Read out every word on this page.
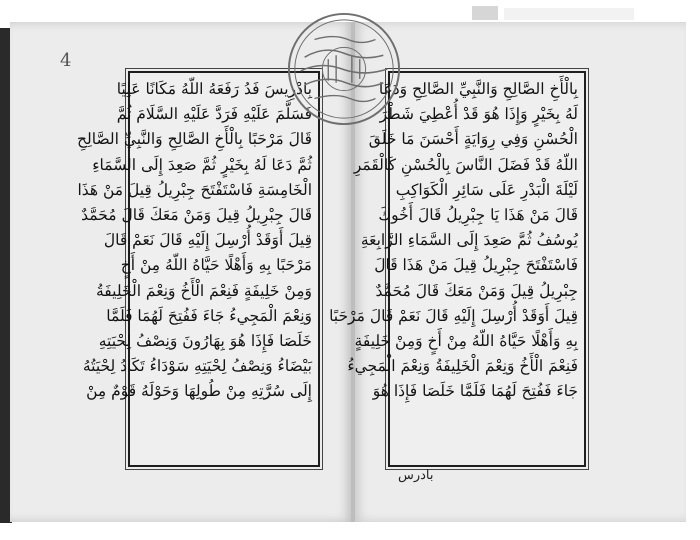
4
بِادْرِيسَ فَدُ رَفَعَهُ اللّهُ مَكَانًا عَلِيًا
فَسَلَّمَ عَلَيْهِ فَرَدَّ عَلَيْهِ السَّلَامَ ثُمَّ
قَالَ مَرْحَبًا بِالْأَخِ الصَّالِحِ وَالنَّبِيِّ الصَّالِحِ
ثُمَّ دَعَا لَهُ بِخَيْرٍ ثُمَّ صَعِدَ إِلَى السَّمَاءِ
الْخَامِسَةِ فَاسْتَفْتَحَ جِبْرِيلُ قِيلَ مَنْ هَذَا
قَالَ جِبْرِيلُ قِيلَ وَمَنْ مَعَكَ قَالَ مُحَمَّدٌ
قِيلَ أَوَقَدْ أُرْسِلَ إِلَيْهِ قَالَ نَعَمْ قَالَ
مَرْحَبًا بِهِ وَأَهْلًا حَيَّاهُ اللّهُ مِنْ أَخٍ
وَمِنْ خَلِيفَةٍ فَنِعْمَ الْأَخُ وَنِعْمَ الْخَلِيفَةُ
وَنِعْمَ الْمَجِيءُ جَاءَ فَفُتِحَ لَهُمَا فَلَمَّا
خَلَصَا فَإِذَا هُوَ بِهَارُونَ وَنِصْفُ لِحْيَتِهِ
بَيْضَاءُ وَنِصْفُ لِحْيَتِهِ سَوْدَاءُ تَكَادُ لِحْيَتُهُ
إِلَى سُرَّتِهِ مِنْ طُولِهَا وَحَوْلَهُ قَوْمٌ مِنْ
بِالْأَخِ الصَّالِحِ وَالنَّبِيِّ الصَّالِحِ وَدَعَا
لَهُ بِخَيْرٍ وَإِذَا هُوَ قَدْ أُعْطِيَ شَطْرَ
الْحُسْنِ وَفِي رِوَايَةٍ أَحْسَنَ مَا خَلَقَ
اللّهُ قَدْ فَضَلَ النَّاسَ بِالْحُسْنِ كَالْقَمَرِ
لَيْلَةَ الْبَدْرِ عَلَى سَائِرِ الْكَوَاكِبِ
قَالَ مَنْ هَذَا يَا جِبْرِيلُ قَالَ أَخُوكَ
يُوسُفُ ثُمَّ صَعِدَ إِلَى السَّمَاءِ الرَّابِعَةِ
فَاسْتَفْتَحَ جِبْرِيلُ قِيلَ مَنْ هَذَا قَالَ
جِبْرِيلُ قِيلَ وَمَنْ مَعَكَ قَالَ مُحَمَّدٌ
قِيلَ أَوَقَدْ أُرْسِلَ إِلَيْهِ قَالَ نَعَمْ قَالَ مَرْحَبًا
بِهِ وَأَهْلًا حَيَّاهُ اللّهُ مِنْ أَخٍ وَمِنْ خَلِيفَةٍ
فَنِعْمَ الْأَخُ وَنِعْمَ الْخَلِيفَةُ وَنِعْمَ الْمَجِيءُ
جَاءَ فَفُتِحَ لَهُمَا فَلَمَّا خَلَصَا فَإِذَا هُوَ
بادرس
